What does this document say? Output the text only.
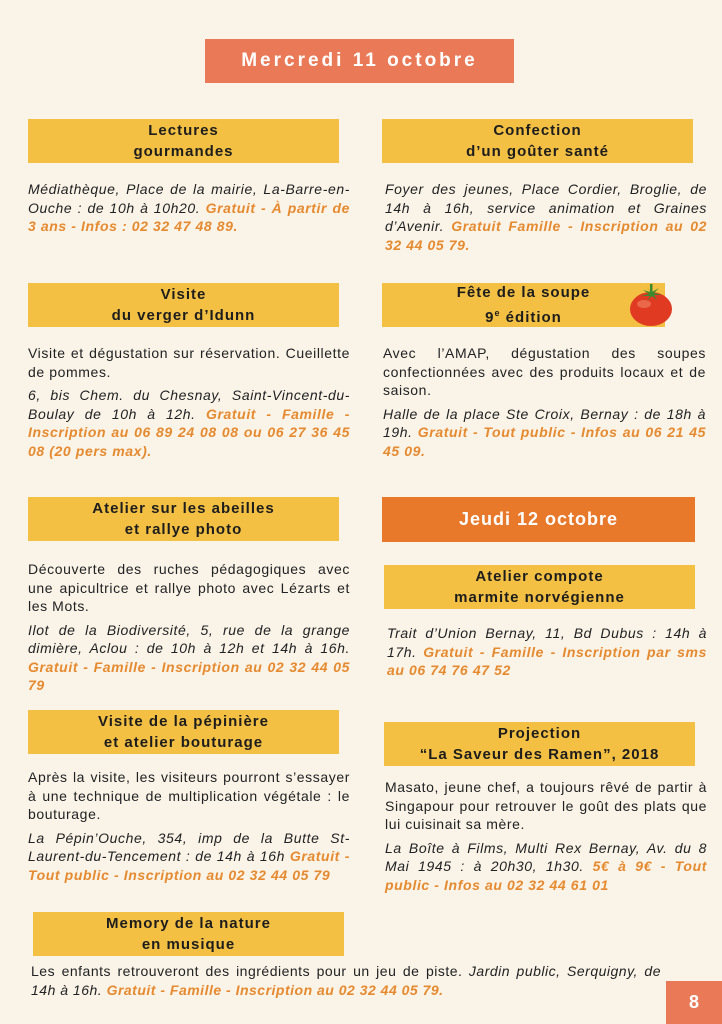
Mercredi 11 octobre
Lectures
gourmandes

Médiathèque, Place de la mairie, La-Barre-en-Ouche : de 10h à 10h20. Gratuit - À partir de 3 ans - Infos : 02 32 47 48 89.

Visite
du verger d’Idunn

Visite et dégustation sur réservation. Cueillette de pommes.

6, bis Chem. du Chesnay, Saint-Vincent-du-Boulay de 10h à 12h. Gratuit - Famille - Inscription au 06 89 24 08 08 ou 06 27 36 45 08 (20 pers max).

Atelier sur les abeilles
et rallye photo

Découverte des ruches pédagogiques avec une apicultrice et rallye photo avec Lézarts et les Mots.

Ilot de la Biodiversité, 5, rue de la grange dimière, Aclou : de 10h à 12h et 14h à 16h. Gratuit - Famille - Inscription au 02 32 44 05 79

Visite de la pépinière
et atelier bouturage

Après la visite, les visiteurs pourront s’essayer à une technique de multiplication végétale : le bouturage.

La Pépin’Ouche, 354, imp de la Butte St-Laurent-du-Tencement : de 14h à 16h Gratuit - Tout public - Inscription au 02 32 44 05 79

Memory de la nature
en musique
Confection
d’un goûter santé

Foyer des jeunes, Place Cordier, Broglie, de 14h à 16h, service animation et Graines d’Avenir. Gratuit Famille - Inscription au 02 32 44 05 79.

Fête de la soupe
9e édition

Avec l’AMAP, dégustation des soupes confectionnées avec des produits locaux et de saison.

Halle de la place Ste Croix, Bernay : de 18h à 19h. Gratuit - Tout public - Infos au 06 21 45 45 09.

Jeudi 12 octobre
Atelier compote
marmite norvégienne

Trait d’Union Bernay, 11, Bd Dubus : 14h à 17h. Gratuit - Famille - Inscription par sms au 06 74 76 47 52

Projection
“La Saveur des Ramen”, 2018

Masato, jeune chef, a toujours rêvé de partir à Singapour pour retrouver le goût des plats que lui cuisinait sa mère.

La Boîte à Films, Multi Rex Bernay, Av. du 8 Mai 1945 : à 20h30, 1h30. 5€ à 9€ - Tout public - Infos au 02 32 44 61 01

Les enfants retrouveront des ingrédients pour un jeu de piste. Jardin public, Serquigny, de 14h à 16h. Gratuit - Famille - Inscription au 02 32 44 05 79.
8
